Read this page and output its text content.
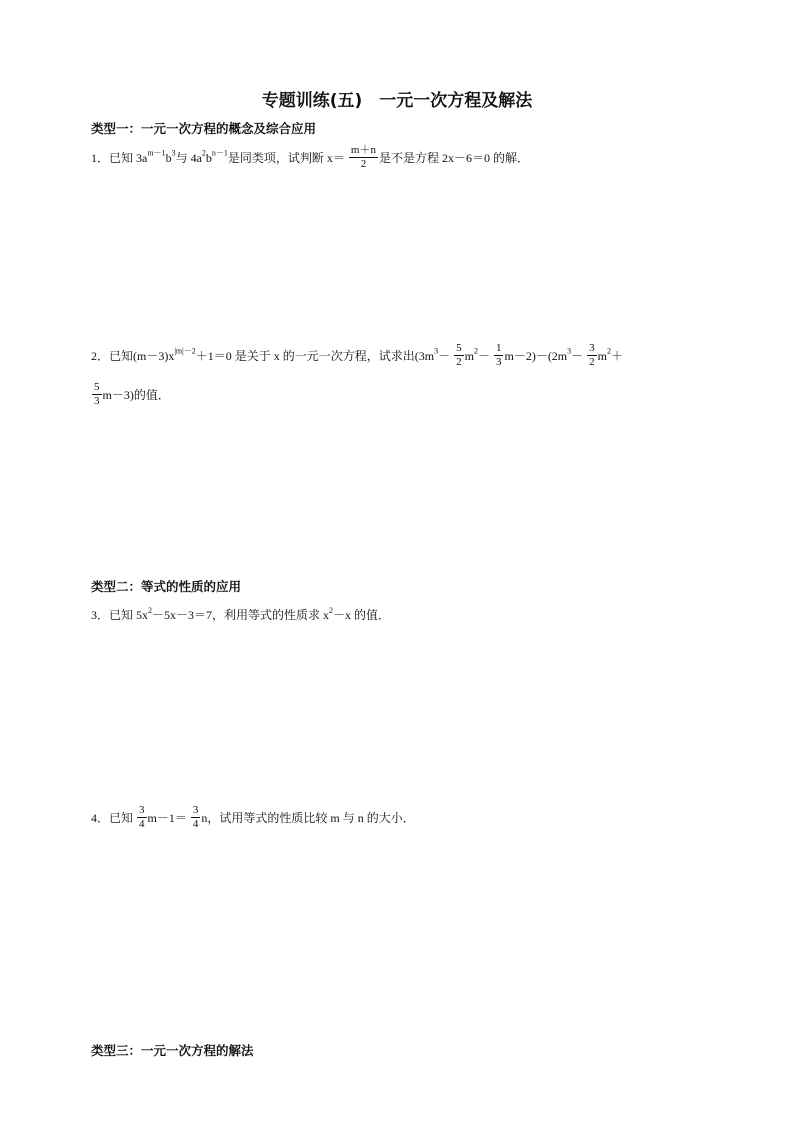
专题训练(五)　一元一次方程及解法
类型一：一元一次方程的概念及综合应用
1．已知 $3a^{m-1}b^3$与 $4a^2b^{n-1}$是同类项，试判断 $x= \frac{m+n}{2}$ 是不是方程 2x－6＝0 的解．
2．已知$(m-3)x^{|m|-2}+1=0$ 是关于 x 的一元一次方程，试求出$(3m^3- \frac{5}{2} m^2- \frac{1}{3} m-2)-(2m^3- \frac{3}{2} m^2+$
$\frac{5}{3} m-3$)的值．
类型二：等式的性质的应用
3．已知 $5x^2-5x-3=7$，利用等式的性质求 $x^2-x$ 的值．
4．已知 $\frac{3}{4} m-1= \frac{3}{4}$ n，试用等式的性质比较 m 与 n 的大小．
类型三：一元一次方程的解法
